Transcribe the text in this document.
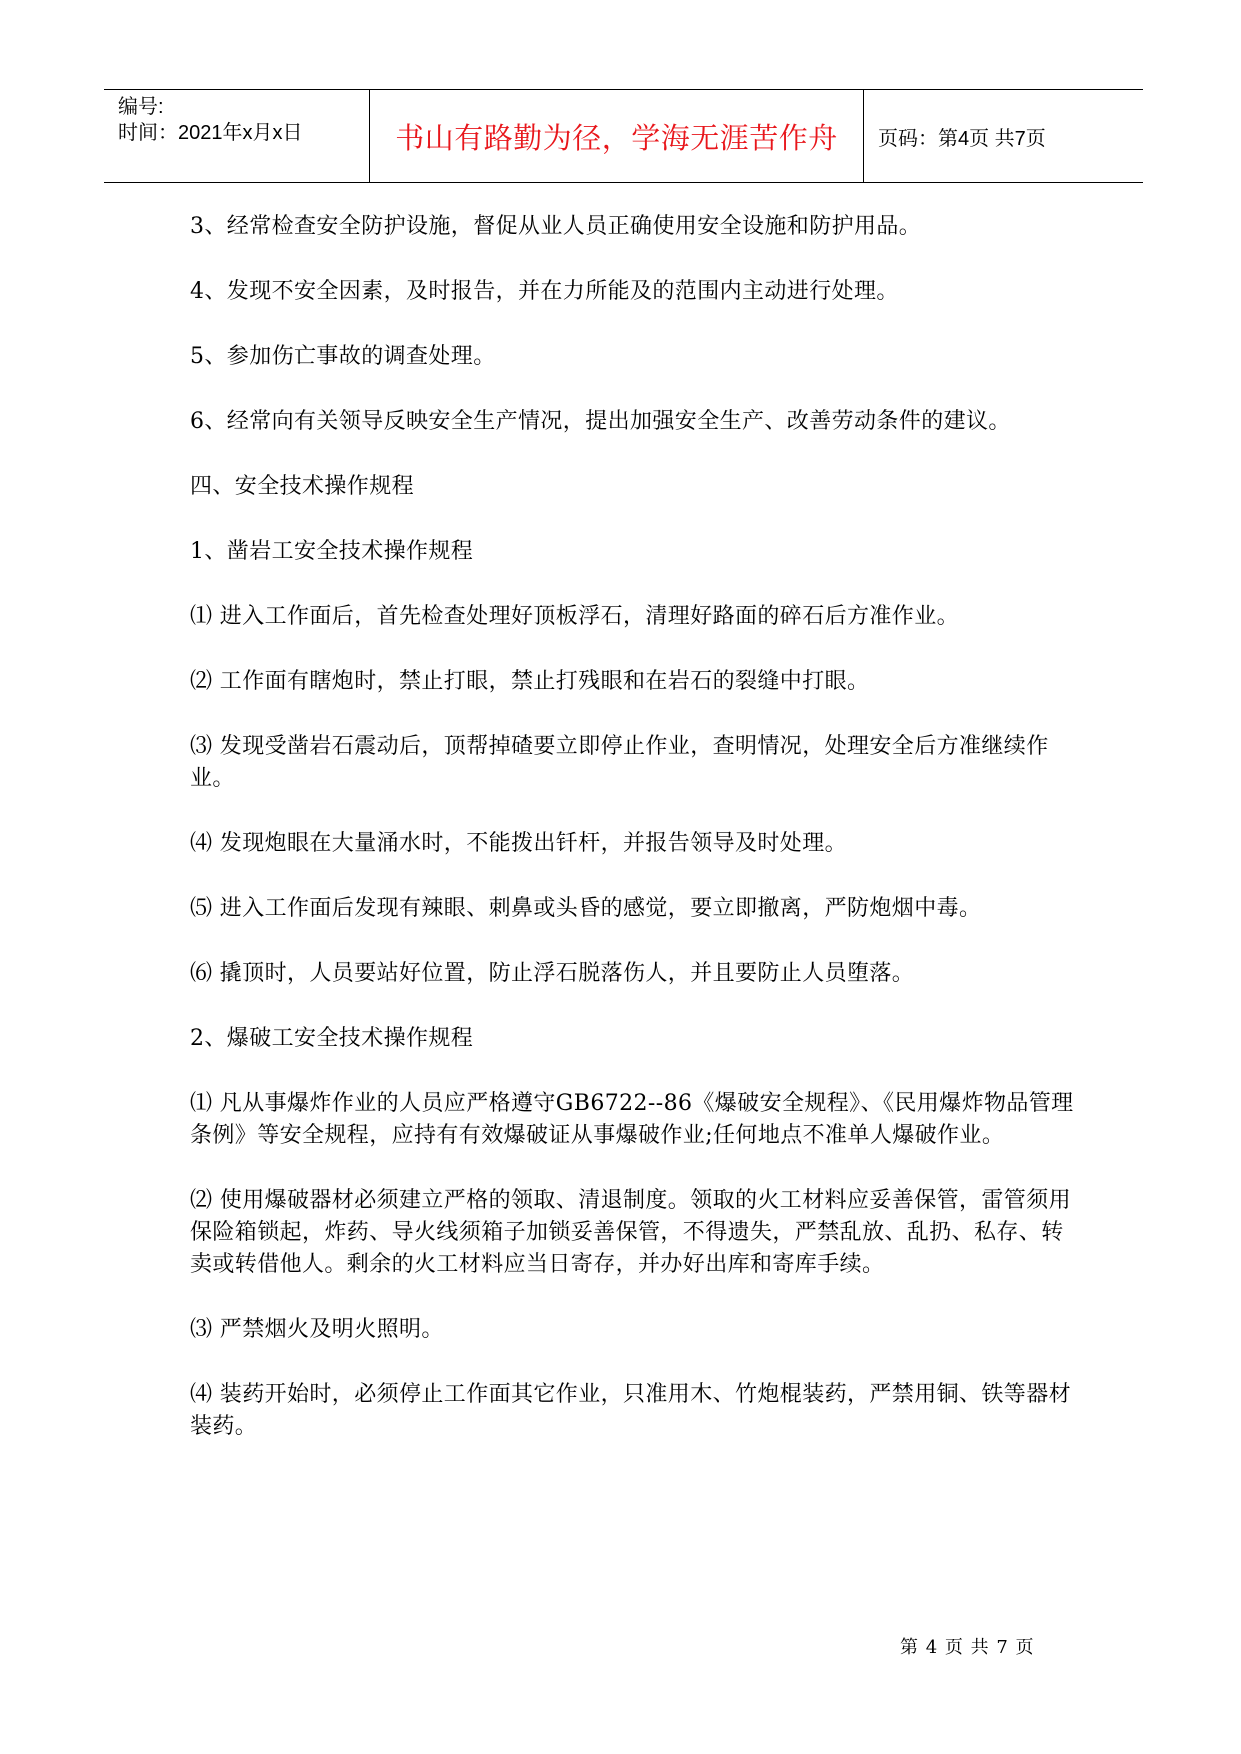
编号:
时间：2021年x月x日	书山有路勤为径，学海无涯苦作舟 页码：第4页 共7页

3、经常检查安全防护设施，督促从业人员正确使用安全设施和防护用品。

4、发现不安全因素，及时报告，并在力所能及的范围内主动进行处理。

5、参加伤亡事故的调查处理。

6、经常向有关领导反映安全生产情况，提出加强安全生产、改善劳动条件的建议。

四、安全技术操作规程

1、凿岩工安全技术操作规程

⑴ 进入工作面后，首先检查处理好顶板浮石，清理好路面的碎石后方准作业。

⑵ 工作面有瞎炮时，禁止打眼，禁止打残眼和在岩石的裂缝中打眼。

⑶ 发现受凿岩石震动后，顶帮掉碴要立即停止作业，查明情况，处理安全后方准继续作业。

⑷ 发现炮眼在大量涌水时，不能拨出钎杆，并报告领导及时处理。

⑸ 进入工作面后发现有辣眼、刺鼻或头昏的感觉，要立即撤离，严防炮烟中毒。

⑹ 撬顶时，人员要站好位置，防止浮石脱落伤人，并且要防止人员堕落。

2、爆破工安全技术操作规程

⑴ 凡从事爆炸作业的人员应严格遵守GB6722--86《爆破安全规程》、《民用爆炸物品管理条例》等安全规程，应持有有效爆破证从事爆破作业;任何地点不准单人爆破作业。

⑵ 使用爆破器材必须建立严格的领取、清退制度。领取的火工材料应妥善保管，雷管须用保险箱锁起，炸药、导火线须箱子加锁妥善保管，不得遗失，严禁乱放、乱扔、私存、转卖或转借他人。剩余的火工材料应当日寄存，并办好出库和寄库手续。

⑶ 严禁烟火及明火照明。

⑷ 装药开始时，必须停止工作面其它作业，只准用木、竹炮棍装药，严禁用铜、铁等器材装药。

第 4 页 共 7 页
